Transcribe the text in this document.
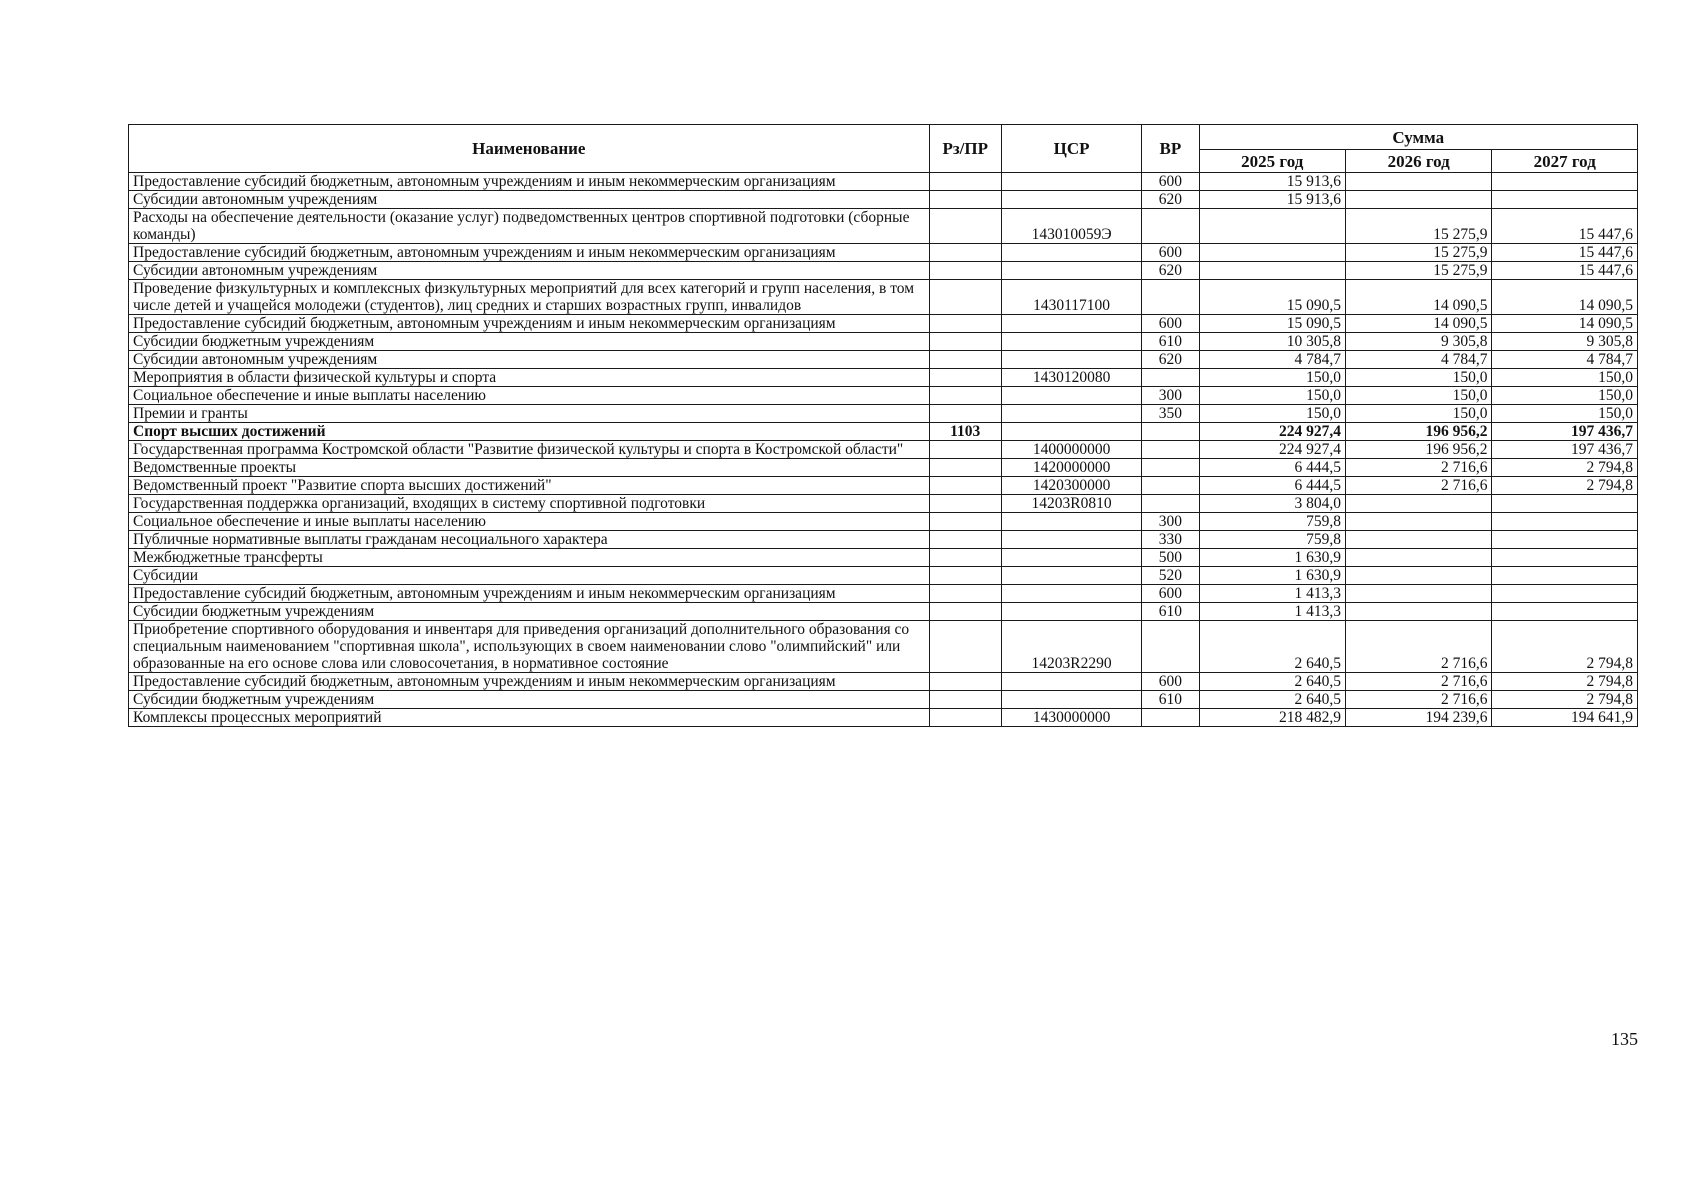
Наименование	Рз/ПР	ЦСР	ВР	Сумма		
				2025 год	2026 год	2027 год
Предоставление субсидий бюджетным, автономным учреждениям и иным некоммерческим организациям			600	15 913,6		
Субсидии автономным учреждениям			620	15 913,6		
Расходы на обеспечение деятельности (оказание услуг) подведомственных центров спортивной подготовки (сборные команды)		143010059Э			15 275,9	15 447,6
Предоставление субсидий бюджетным, автономным учреждениям и иным некоммерческим организациям			600		15 275,9	15 447,6
Субсидии автономным учреждениям			620		15 275,9	15 447,6
Проведение физкультурных и комплексных физкультурных мероприятий для всех категорий и групп населения, в том числе детей и учащейся молодежи (студентов), лиц средних и старших возрастных групп, инвалидов		1430117100		15 090,5	14 090,5	14 090,5
Предоставление субсидий бюджетным, автономным учреждениям и иным некоммерческим организациям			600	15 090,5	14 090,5	14 090,5
Субсидии бюджетным учреждениям			610	10 305,8	9 305,8	9 305,8
Субсидии автономным учреждениям			620	4 784,7	4 784,7	4 784,7
Мероприятия в области физической культуры и спорта		1430120080		150,0	150,0	150,0
Социальное обеспечение и иные выплаты населению			300	150,0	150,0	150,0
Премии и гранты			350	150,0	150,0	150,0
Спорт высших достижений	1103			224 927,4	196 956,2	197 436,7
Государственная программа Костромской области "Развитие физической культуры и спорта в Костромской области"		1400000000		224 927,4	196 956,2	197 436,7
Ведомственные проекты		1420000000		6 444,5	2 716,6	2 794,8
Ведомственный проект "Развитие спорта высших достижений"		1420300000		6 444,5	2 716,6	2 794,8
Государственная поддержка организаций, входящих в систему спортивной подготовки		14203R0810		3 804,0		
Социальное обеспечение и иные выплаты населению			300	759,8		
Публичные нормативные выплаты гражданам несоциального характера			330	759,8		
Межбюджетные трансферты			500	1 630,9		
Субсидии			520	1 630,9		
Предоставление субсидий бюджетным, автономным учреждениям и иным некоммерческим организациям			600	1 413,3		
Субсидии бюджетным учреждениям			610	1 413,3		
Приобретение спортивного оборудования и инвентаря для приведения организаций дополнительного образования со специальным наименованием "спортивная школа", использующих в своем наименовании слово "олимпийский" или образованные на его основе слова или словосочетания, в нормативное состояние		14203R2290		2 640,5	2 716,6	2 794,8
Предоставление субсидий бюджетным, автономным учреждениям и иным некоммерческим организациям			600	2 640,5	2 716,6	2 794,8
Субсидии бюджетным учреждениям			610	2 640,5	2 716,6	2 794,8
Комплексы процессных мероприятий		1430000000		218 482,9	194 239,6	194 641,9
135
